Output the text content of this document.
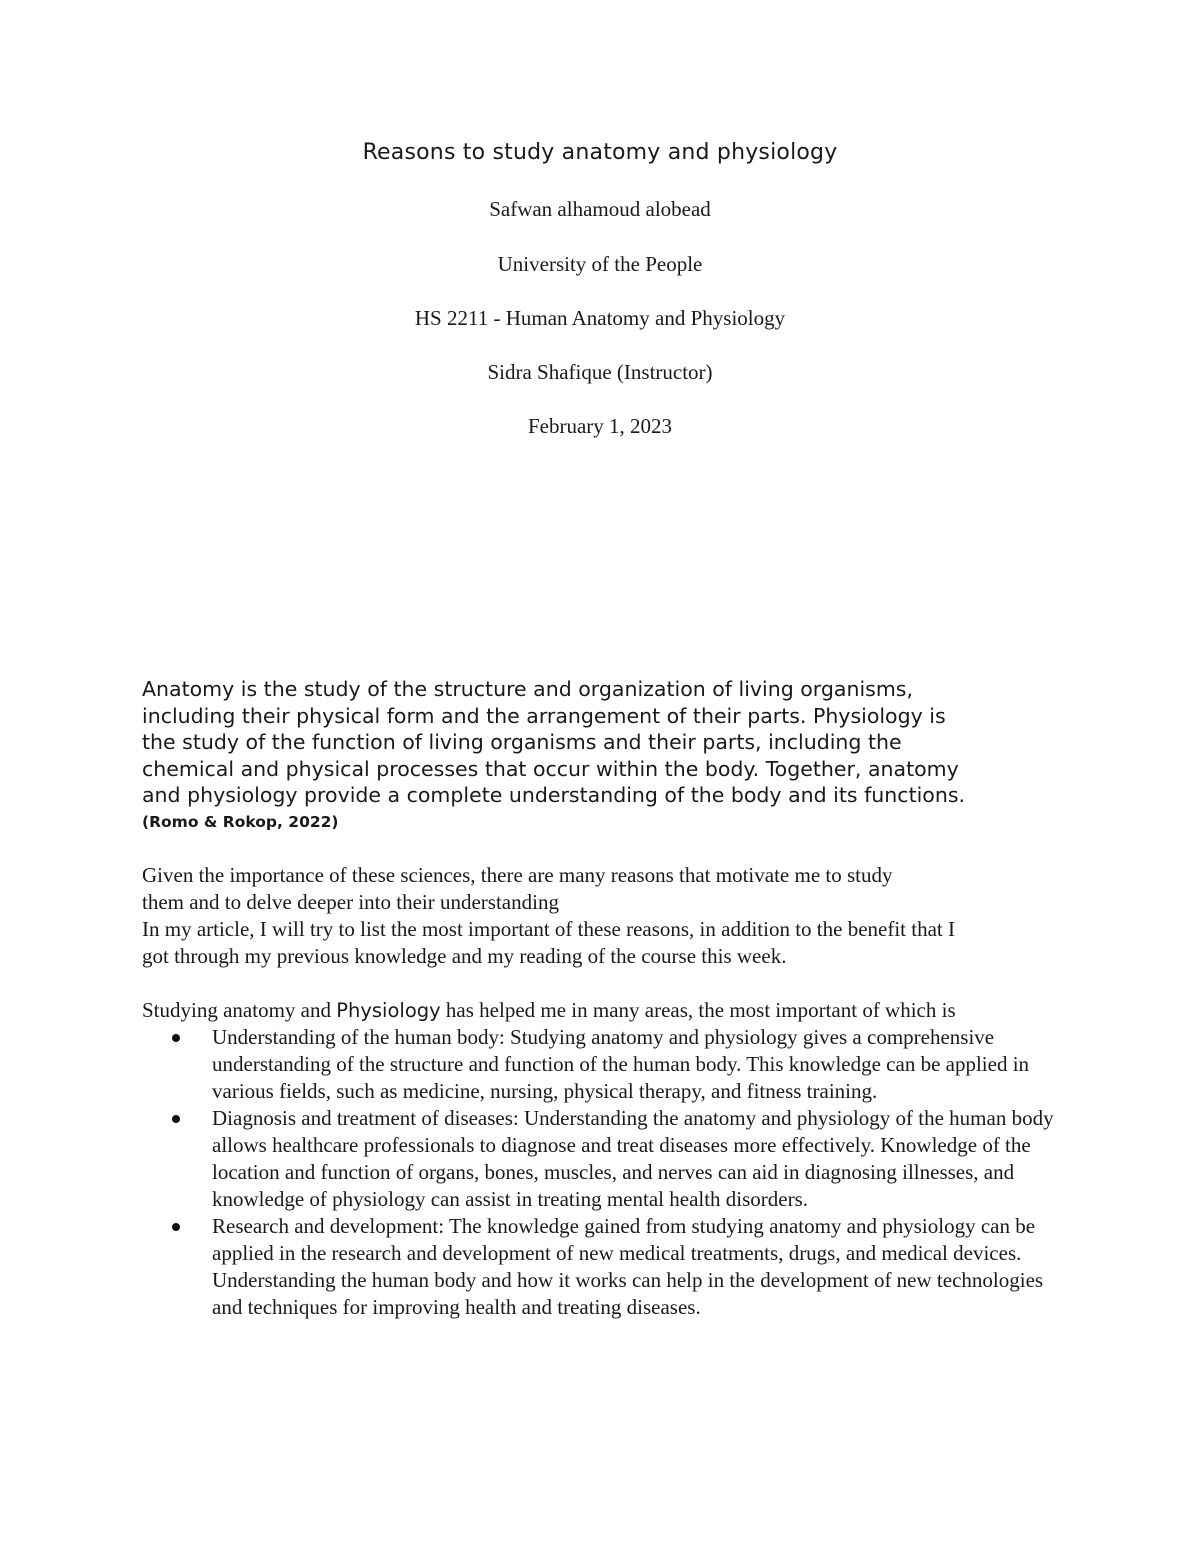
Reasons to study anatomy and physiology

Safwan alhamoud alobead

University of the People

HS 2211 - Human Anatomy and Physiology

Sidra Shafique (Instructor)

February 1, 2023

Anatomy is the study of the structure and organization of living organisms,
including their physical form and the arrangement of their parts. Physiology is
the study of the function of living organisms and their parts, including the
chemical and physical processes that occur within the body. Together, anatomy
and physiology provide a complete understanding of the body and its functions.

(Romo & Rokop, 2022)

Given the importance of these sciences, there are many reasons that motivate me to study
them and to delve deeper into their understanding

In my article, I will try to list the most important of these reasons, in addition to the benefit that I
got through my previous knowledge and my reading of the course this week.

Studying anatomy and Physiology has helped me in many areas, the most important of which is

Understanding of the human body: Studying anatomy and physiology gives a comprehensive understanding of the structure and function of the human body. This knowledge can be applied in various fields, such as medicine, nursing, physical therapy, and fitness training.
Diagnosis and treatment of diseases: Understanding the anatomy and physiology of the human body allows healthcare professionals to diagnose and treat diseases more effectively. Knowledge of the location and function of organs, bones, muscles, and nerves can aid in diagnosing illnesses, and knowledge of physiology can assist in treating mental health disorders.
Research and development: The knowledge gained from studying anatomy and physiology can be applied in the research and development of new medical treatments, drugs, and medical devices. Understanding the human body and how it works can help in the development of new technologies and techniques for improving health and treating diseases.
